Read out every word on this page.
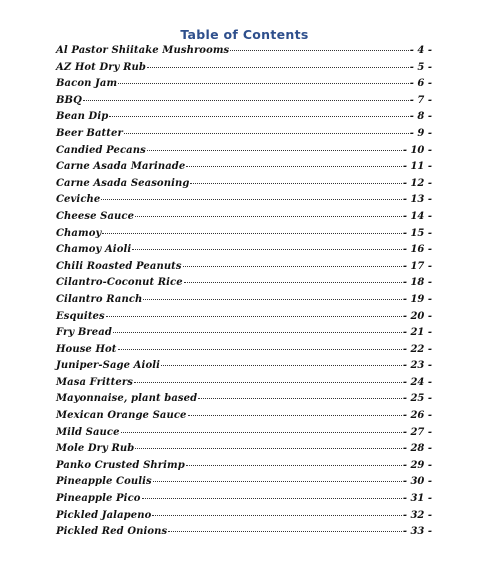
Table of Contents
Al Pastor Shiitake Mushrooms	- 4 -
AZ Hot Dry Rub	- 5 -
Bacon Jam	- 6 -
BBQ	- 7 -
Bean Dip	- 8 -
Beer Batter	- 9 -
Candied Pecans	- 10 -
Carne Asada Marinade	- 11 -
Carne Asada Seasoning	- 12 -
Ceviche	- 13 -
Cheese Sauce	- 14 -
Chamoy	- 15 -
Chamoy Aioli	- 16 -
Chili Roasted Peanuts	- 17 -
Cilantro-Coconut Rice	- 18 -
Cilantro Ranch	- 19 -
Esquites	- 20 -
Fry Bread	- 21 -
House Hot	- 22 -
Juniper-Sage Aioli	- 23 -
Masa Fritters	- 24 -
Mayonnaise, plant based	- 25 -
Mexican Orange Sauce	- 26 -
Mild Sauce	- 27 -
Mole Dry Rub	- 28 -
Panko Crusted Shrimp	- 29 -
Pineapple Coulis	- 30 -
Pineapple Pico	- 31 -
Pickled Jalapeno	- 32 -
Pickled Red Onions	- 33 -
